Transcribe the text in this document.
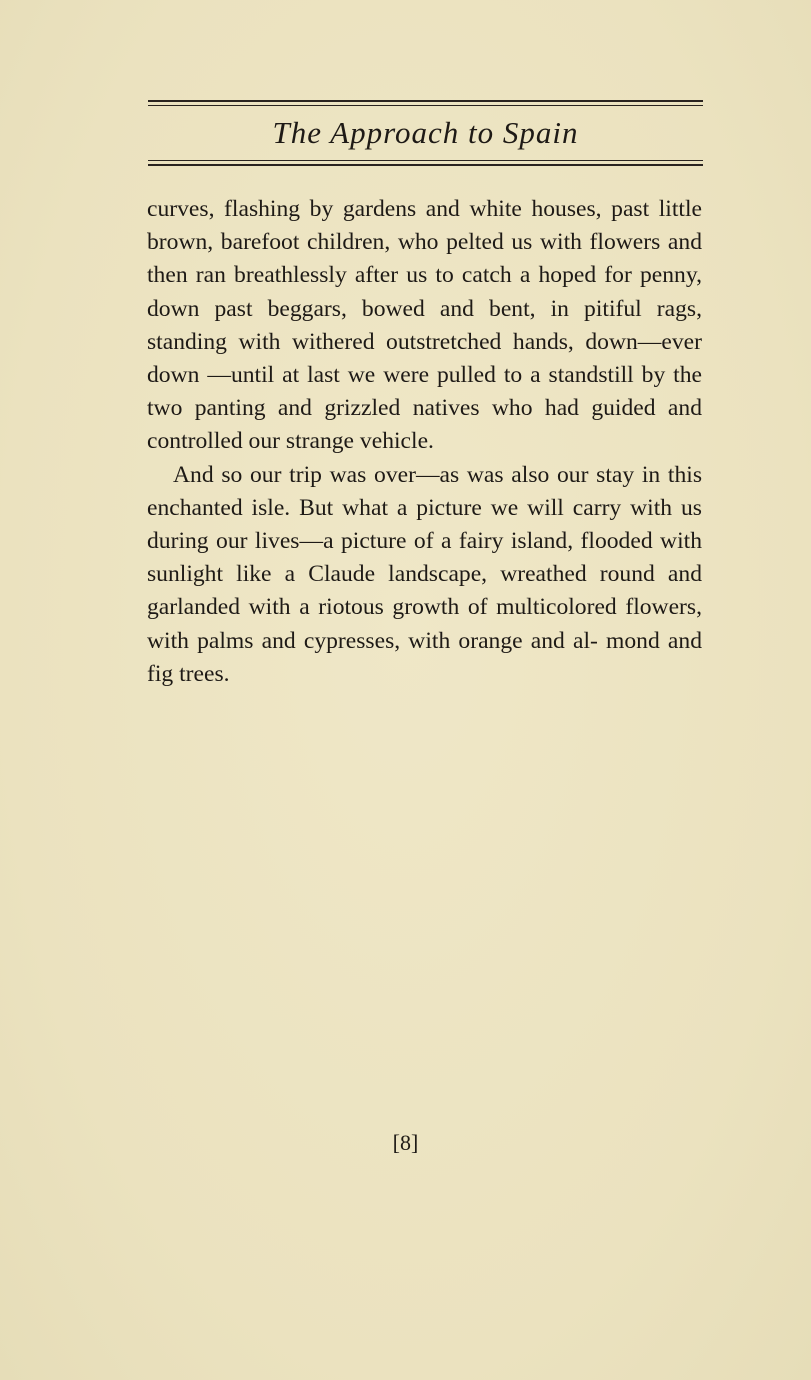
The Approach to Spain

curves, flashing by gardens and white houses, past little brown, barefoot children, who pelted us with flowers and then ran breathlessly after us to catch a hoped for penny, down past beggars, bowed and bent, in pitiful rags, standing with withered outstretched hands, down—ever down —until at last we were pulled to a standstill by the two panting and grizzled natives who had guided and controlled our strange vehicle.

And so our trip was over—as was also our stay in this enchanted isle. But what a picture we will carry with us during our lives—a picture of a fairy island, flooded with sunlight like a Claude landscape, wreathed round and garlanded with a riotous growth of multicolored flowers, with palms and cypresses, with orange and al- mond and fig trees.

[8]
